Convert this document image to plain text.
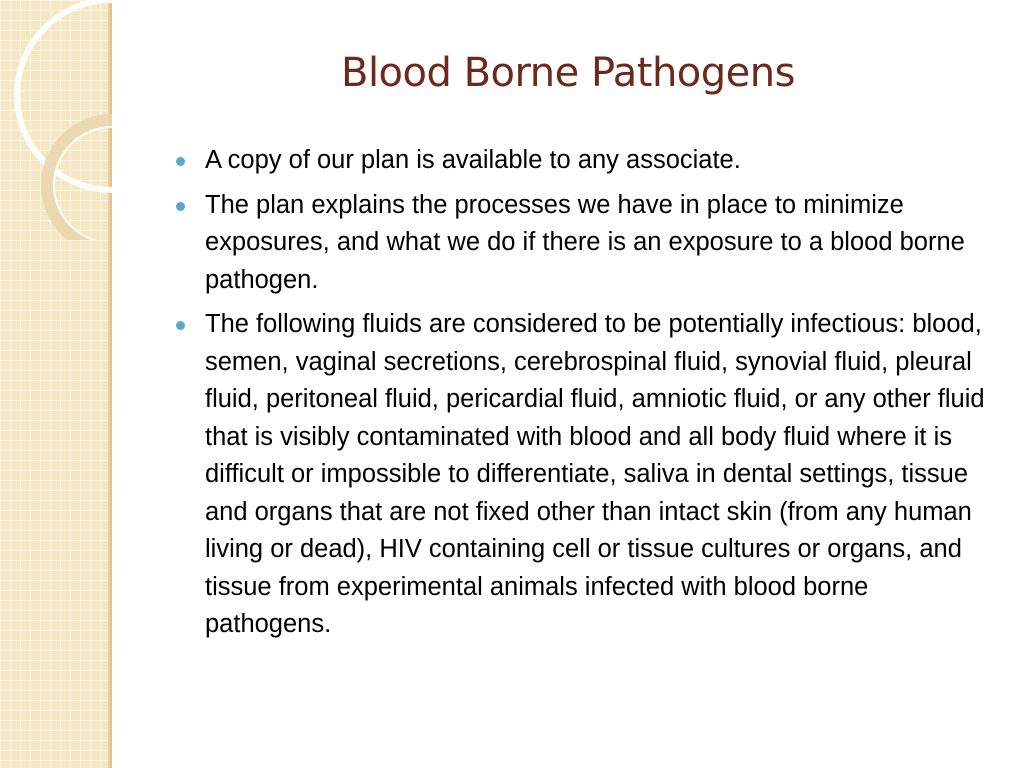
Blood Borne Pathogens
A copy of our plan is available to any associate.
The plan explains the processes we have in place to minimize exposures, and what we do if there is an exposure to a blood borne pathogen.
The following fluids are considered to be potentially infectious: blood, semen, vaginal secretions, cerebrospinal fluid, synovial fluid, pleural fluid, peritoneal fluid, pericardial fluid, amniotic fluid, or any other fluid that is visibly contaminated with blood and all body fluid where it is difficult or impossible to differentiate, saliva in dental settings, tissue and organs that are not fixed other than intact skin (from any human living or dead), HIV containing cell or tissue cultures or organs, and tissue from experimental animals infected with blood borne pathogens.
